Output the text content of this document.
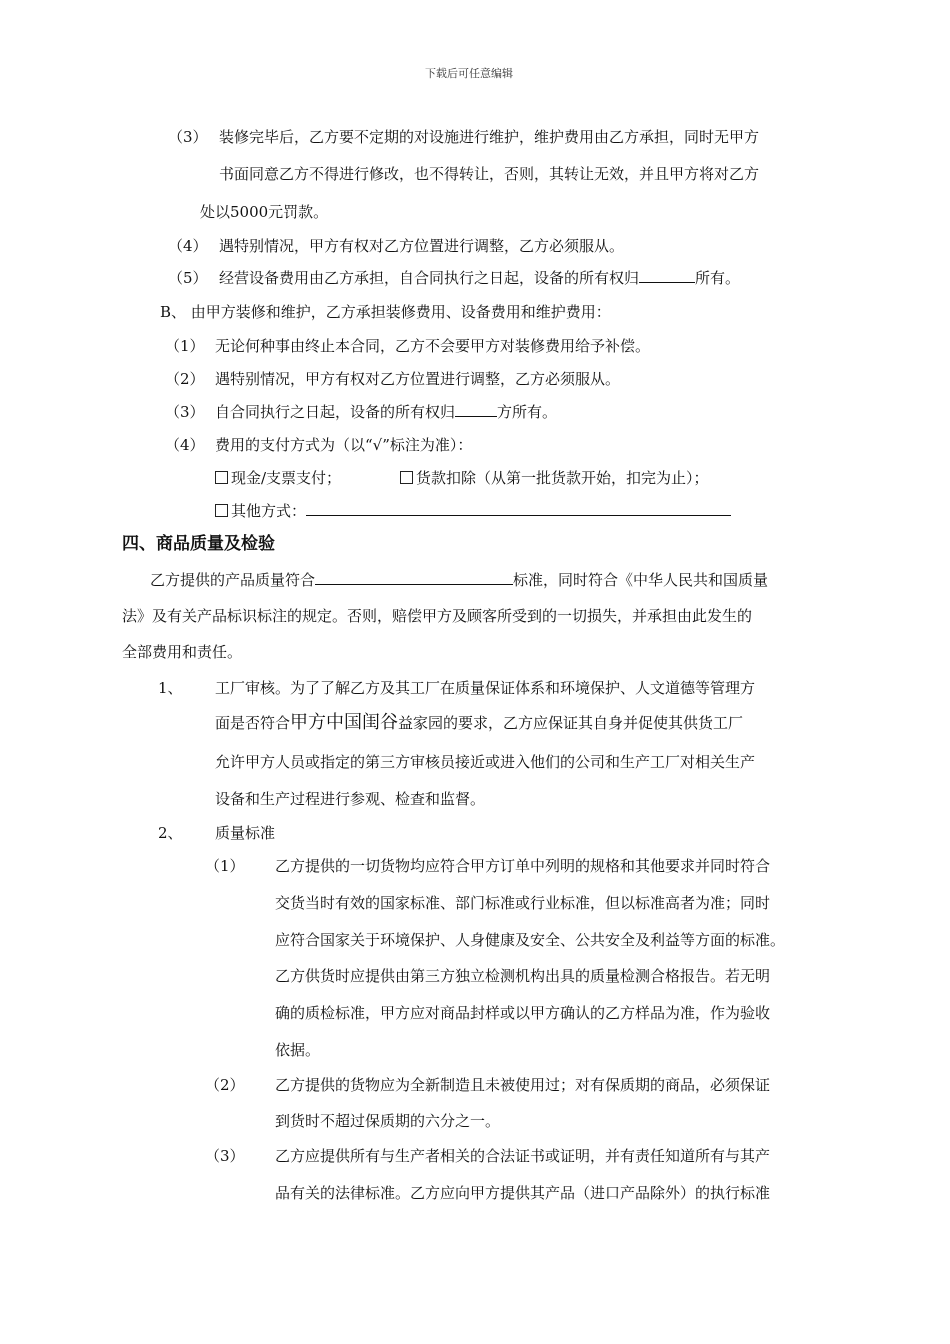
下载后可任意编辑
（3） 装修完毕后，乙方要不定期的对设施进行维护，维护费用由乙方承担，同时无甲方
书面同意乙方不得进行修改，也不得转让，否则，其转让无效，并且甲方将对乙方
处以5000元罚款。
（4） 遇特别情况，甲方有权对乙方位置进行调整，乙方必须服从。
（5） 经营设备费用由乙方承担，自合同执行之日起，设备的所有权归	所有。
B、 由甲方装修和维护，乙方承担装修费用、设备费用和维护费用：
（1） 无论何种事由终止本合同，乙方不会要甲方对装修费用给予补偿。
（2） 遇特别情况，甲方有权对乙方位置进行调整，乙方必须服从。
（3） 自合同执行之日起，设备的所有权归	方所有。
（4） 费用的支付方式为（以“√”标注为准）：
现金/支票支付；	货款扣除（从第一批货款开始，扣完为止）；
其他方式：
四、商品质量及检验
乙方提供的产品质量符合	标准，同时符合《中华人民共和国质量
法》及有关产品标识标注的规定。否则，赔偿甲方及顾客所受到的一切损失，并承担由此发生的
全部费用和责任。
1、 工厂审核。为了了解乙方及其工厂在质量保证体系和环境保护、人文道德等管理方
面是否符合甲方中国闺谷益家园的要求，乙方应保证其自身并促使其供货工厂
允许甲方人员或指定的第三方审核员接近或进入他们的公司和生产工厂对相关生产
设备和生产过程进行参观、检查和监督。
2、 质量标准
（1） 乙方提供的一切货物均应符合甲方订单中列明的规格和其他要求并同时符合
交货当时有效的国家标准、部门标准或行业标准，但以标准高者为准；同时
应符合国家关于环境保护、人身健康及安全、公共安全及利益等方面的标准。
乙方供货时应提供由第三方独立检测机构出具的质量检测合格报告。若无明
确的质检标准，甲方应对商品封样或以甲方确认的乙方样品为准，作为验收
依据。
（2） 乙方提供的货物应为全新制造且未被使用过；对有保质期的商品，必须保证
到货时不超过保质期的六分之一。
（3） 乙方应提供所有与生产者相关的合法证书或证明，并有责任知道所有与其产
品有关的法律标准。乙方应向甲方提供其产品（进口产品除外）的执行标准
